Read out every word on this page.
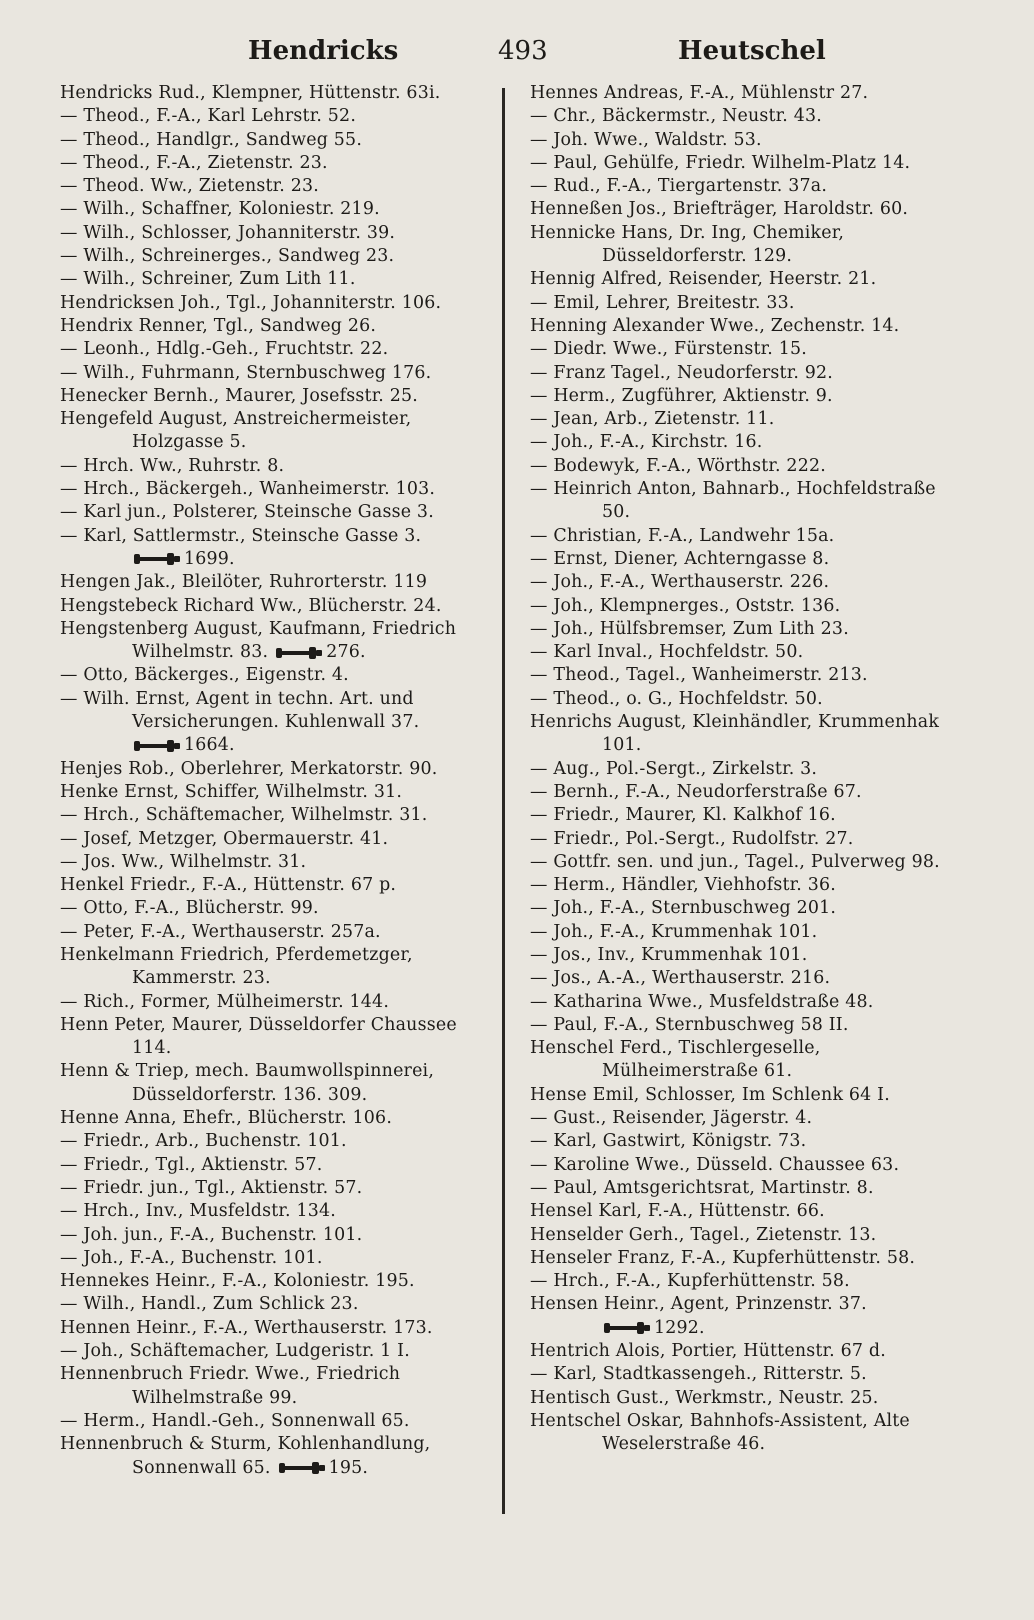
Hendricks	493	Heutschel
Hendricks Rud., Klempner, Hüttenstr. 63i.
— Theod., F.-A., Karl Lehrstr. 52.
— Theod., Handlgr., Sandweg 55.
— Theod., F.-A., Zietenstr. 23.
— Theod. Ww., Zietenstr. 23.
— Wilh., Schaffner, Koloniestr. 219.
— Wilh., Schlosser, Johanniterstr. 39.
— Wilh., Schreinerges., Sandweg 23.
— Wilh., Schreiner, Zum Lith 11.
Hendricksen Joh., Tgl., Johanniterstr. 106.
Hendrix Renner, Tgl., Sandweg 26.
— Leonh., Hdlg.-Geh., Fruchtstr. 22.
— Wilh., Fuhrmann, Sternbuschweg 176.
Henecker Bernh., Maurer, Josefsstr. 25.
Hengefeld August, Anstreichermeister, Holzgasse 5.
— Hrch. Ww., Ruhrstr. 8.
— Hrch., Bäckergeh., Wanheimerstr. 103.
— Karl jun., Polsterer, Steinsche Gasse 3.
— Karl, Sattlermstr., Steinsche Gasse 3.
1699.
Hengen Jak., Bleilöter, Ruhrorterstr. 119
Hengstebeck Richard Ww., Blücherstr. 24.
Hengstenberg August, Kaufmann, Friedrich Wilhelmstr. 83.	276.
— Otto, Bäckerges., Eigenstr. 4.
— Wilh. Ernst, Agent in techn. Art. und Versicherungen. Kuhlenwall 37.
1664.
Henjes Rob., Oberlehrer, Merkatorstr. 90.
Henke Ernst, Schiffer, Wilhelmstr. 31.
— Hrch., Schäftemacher, Wilhelmstr. 31.
— Josef, Metzger, Obermauerstr. 41.
— Jos. Ww., Wilhelmstr. 31.
Henkel Friedr., F.-A., Hüttenstr. 67 p.
— Otto, F.-A., Blücherstr. 99.
— Peter, F.-A., Werthauserstr. 257a.
Henkelmann Friedrich, Pferdemetzger, Kammerstr. 23.
— Rich., Former, Mülheimerstr. 144.
Henn Peter, Maurer, Düsseldorfer Chaussee 114.
Henn & Triep, mech. Baumwollspinnerei, Düsseldorferstr. 136. 309.
Henne Anna, Ehefr., Blücherstr. 106.
— Friedr., Arb., Buchenstr. 101.
— Friedr., Tgl., Aktienstr. 57.
— Friedr. jun., Tgl., Aktienstr. 57.
— Hrch., Inv., Musfeldstr. 134.
— Joh. jun., F.-A., Buchenstr. 101.
— Joh., F.-A., Buchenstr. 101.
Hennekes Heinr., F.-A., Koloniestr. 195.
— Wilh., Handl., Zum Schlick 23.
Hennen Heinr., F.-A., Werthauserstr. 173.
— Joh., Schäftemacher, Ludgeristr. 1 I.
Hennenbruch Friedr. Wwe., Friedrich Wilhelmstraße 99.
— Herm., Handl.-Geh., Sonnenwall 65.
Hennenbruch & Sturm, Kohlenhandlung, Sonnenwall 65.	195.
Hennes Andreas, F.-A., Mühlenstr 27.
— Chr., Bäckermstr., Neustr. 43.
— Joh. Wwe., Waldstr. 53.
— Paul, Gehülfe, Friedr. Wilhelm-Platz 14.
— Rud., F.-A., Tiergartenstr. 37a.
Henneßen Jos., Briefträger, Haroldstr. 60.
Hennicke Hans, Dr. Ing, Chemiker, Düsseldorferstr. 129.
Hennig Alfred, Reisender, Heerstr. 21.
— Emil, Lehrer, Breitestr. 33.
Henning Alexander Wwe., Zechenstr. 14.
— Diedr. Wwe., Fürstenstr. 15.
— Franz Tagel., Neudorferstr. 92.
— Herm., Zugführer, Aktienstr. 9.
— Jean, Arb., Zietenstr. 11.
— Joh., F.-A., Kirchstr. 16.
— Bodewyk, F.-A., Wörthstr. 222.
— Heinrich Anton, Bahnarb., Hochfeldstraße 50.
— Christian, F.-A., Landwehr 15a.
— Ernst, Diener, Achterngasse 8.
— Joh., F.-A., Werthauserstr. 226.
— Joh., Klempnerges., Oststr. 136.
— Joh., Hülfsbremser, Zum Lith 23.
— Karl Inval., Hochfeldstr. 50.
— Theod., Tagel., Wanheimerstr. 213.
— Theod., o. G., Hochfeldstr. 50.
Henrichs August, Kleinhändler, Krummenhak 101.
— Aug., Pol.-Sergt., Zirkelstr. 3.
— Bernh., F.-A., Neudorferstraße 67.
— Friedr., Maurer, Kl. Kalkhof 16.
— Friedr., Pol.-Sergt., Rudolfstr. 27.
— Gottfr. sen. und jun., Tagel., Pulverweg 98.
— Herm., Händler, Viehhofstr. 36.
— Joh., F.-A., Sternbuschweg 201.
— Joh., F.-A., Krummenhak 101.
— Jos., Inv., Krummenhak 101.
— Jos., A.-A., Werthauserstr. 216.
— Katharina Wwe., Musfeldstraße 48.
— Paul, F.-A., Sternbuschweg 58 II.
Henschel Ferd., Tischlergeselle, Mülheimerstraße 61.
Hense Emil, Schlosser, Im Schlenk 64 I.
— Gust., Reisender, Jägerstr. 4.
— Karl, Gastwirt, Königstr. 73.
— Karoline Wwe., Düsseld. Chaussee 63.
— Paul, Amtsgerichtsrat, Martinstr. 8.
Hensel Karl, F.-A., Hüttenstr. 66.
Henselder Gerh., Tagel., Zietenstr. 13.
Henseler Franz, F.-A., Kupferhüttenstr. 58.
— Hrch., F.-A., Kupferhüttenstr. 58.
Hensen Heinr., Agent, Prinzenstr. 37.
1292.
Hentrich Alois, Portier, Hüttenstr. 67 d.
— Karl, Stadtkassengeh., Ritterstr. 5.
Hentisch Gust., Werkmstr., Neustr. 25.
Hentschel Oskar, Bahnhofs-Assistent, Alte Weselerstraße 46.
